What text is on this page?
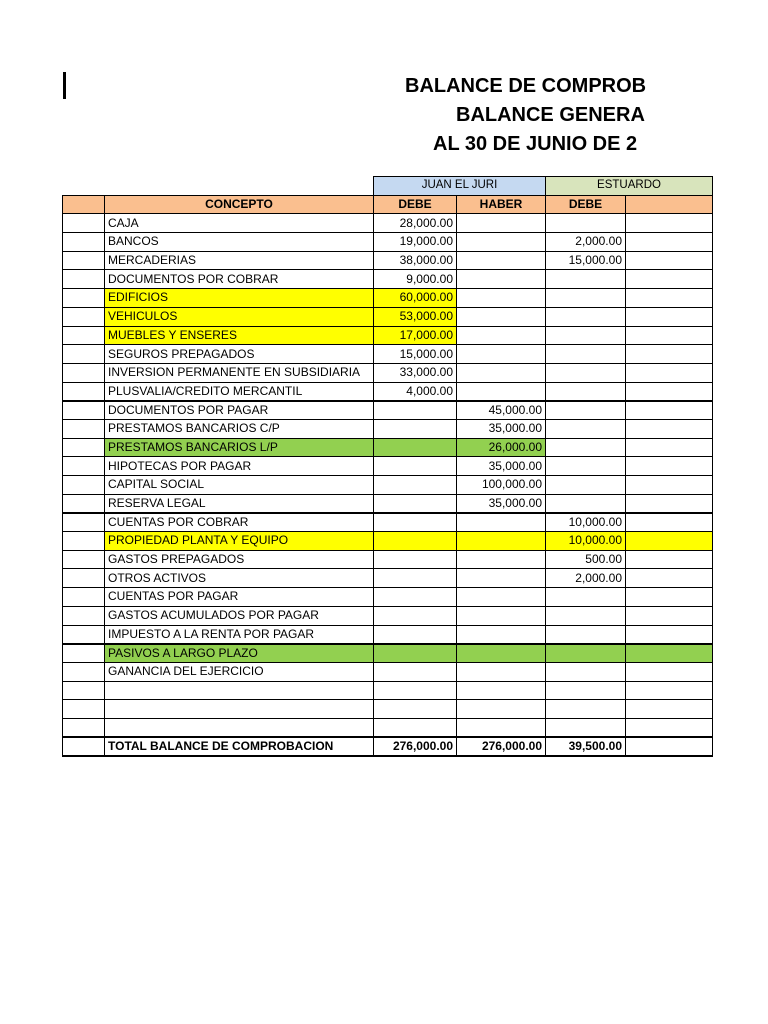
BALANCE DE COMPROB
BALANCE GENERA
AL 30 DE JUNIO DE 2
		JUAN EL JURI		ESTUARDO	
	CONCEPTO	DEBE	HABER	DEBE	
	CAJA	28,000.00			
	BANCOS	19,000.00		2,000.00	
	MERCADERIAS	38,000.00		15,000.00	
	DOCUMENTOS POR COBRAR	9,000.00			
	EDIFICIOS	60,000.00			
	VEHICULOS	53,000.00			
	MUEBLES Y ENSERES	17,000.00			
	SEGUROS PREPAGADOS	15,000.00			
	INVERSION PERMANENTE EN SUBSIDIARIA	33,000.00			
	PLUSVALIA/CREDITO MERCANTIL	4,000.00			
	DOCUMENTOS POR PAGAR		45,000.00		
	PRESTAMOS BANCARIOS C/P		35,000.00		
	PRESTAMOS BANCARIOS L/P		26,000.00		
	HIPOTECAS POR PAGAR		35,000.00		
	CAPITAL SOCIAL		100,000.00		
	RESERVA LEGAL		35,000.00		
	CUENTAS POR COBRAR			10,000.00	
	PROPIEDAD PLANTA Y EQUIPO			10,000.00	
	GASTOS PREPAGADOS			500.00	
	OTROS ACTIVOS			2,000.00	
	CUENTAS POR PAGAR				
	GASTOS ACUMULADOS POR PAGAR				
	IMPUESTO A LA RENTA POR PAGAR				
	PASIVOS A LARGO PLAZO				
	GANANCIA DEL EJERCICIO				

	TOTAL BALANCE DE COMPROBACION	276,000.00	276,000.00	39,500.00	
